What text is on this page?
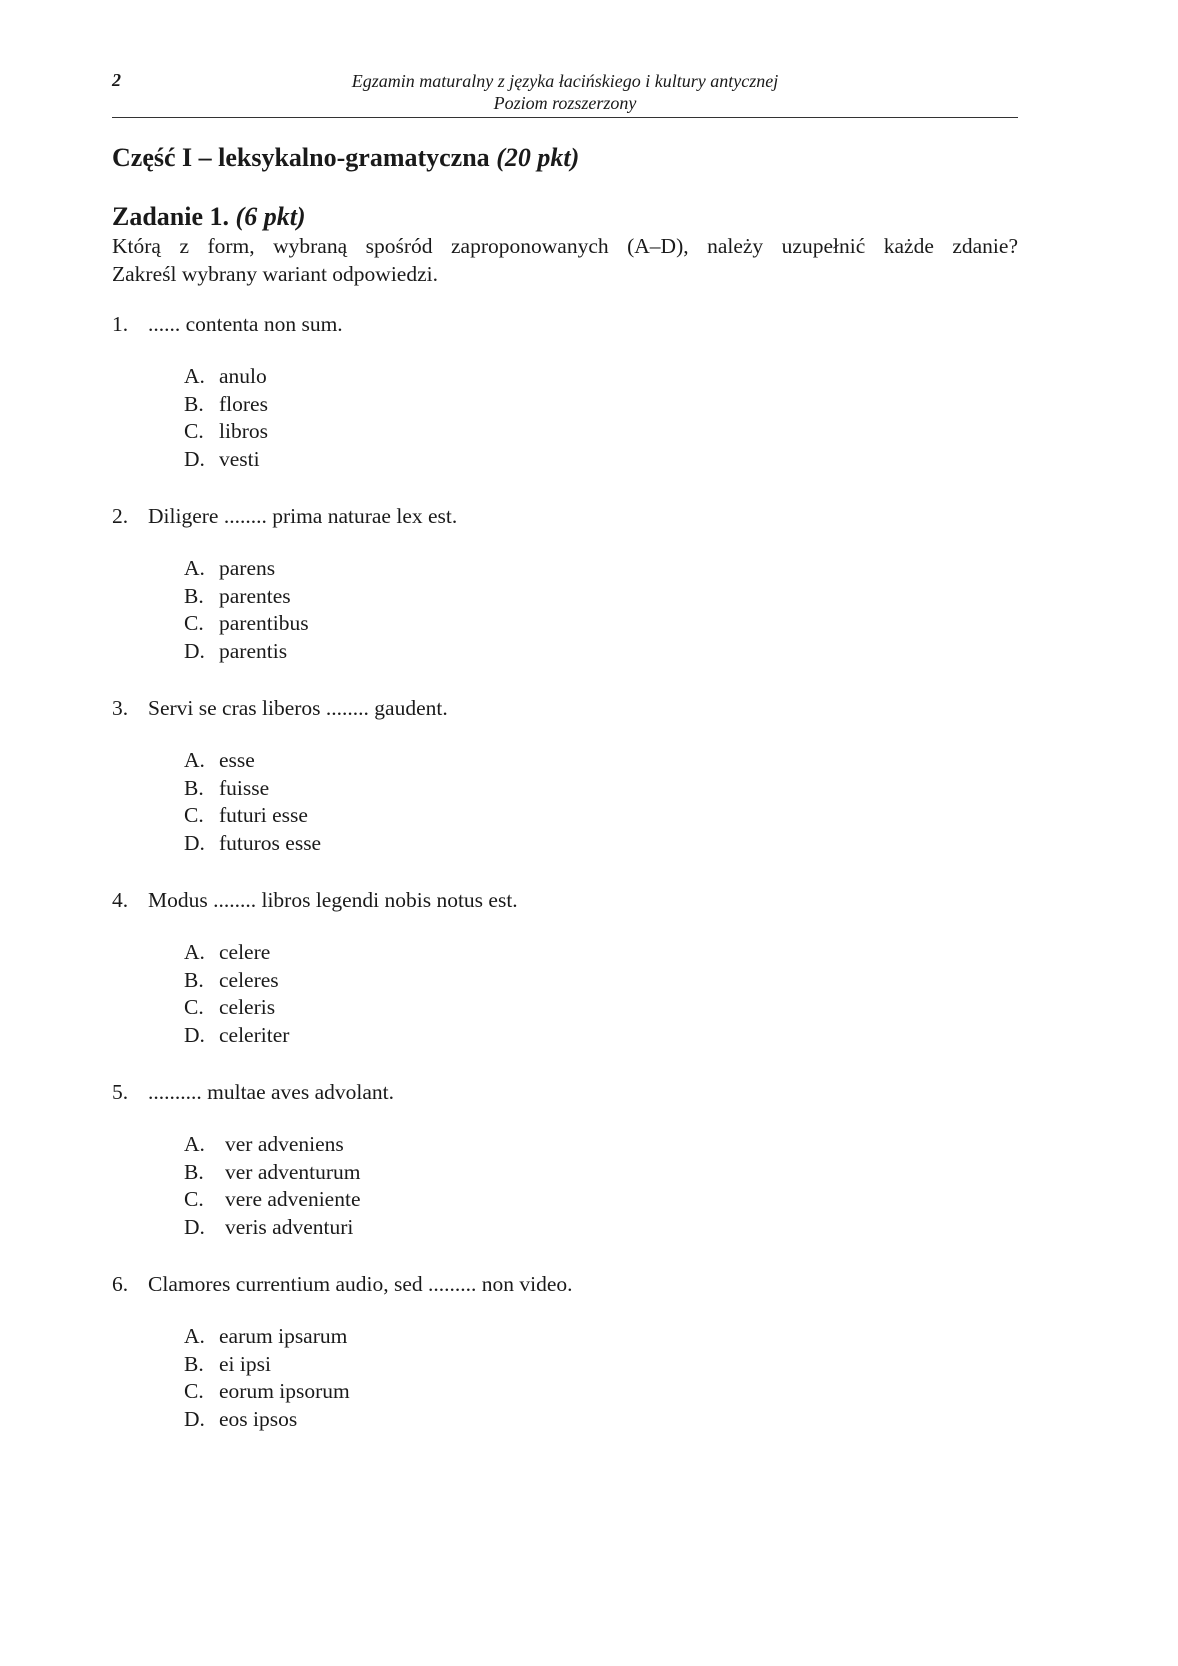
2	Egzamin maturalny z języka łacińskiego i kultury antycznej
Poziom rozszerzony
Część I – leksykalno-gramatyczna (20 pkt)
Zadanie 1. (6 pkt)
Którą z form, wybraną spośród zaproponowanych (A–D), należy uzupełnić każde zdanie?
Zakreśl wybrany wariant odpowiedzi.
1. ...... contenta non sum.
A. anulo
B. flores
C. libros
D. vesti
2. Diligere ........ prima naturae lex est.
A. parens
B. parentes
C. parentibus
D. parentis
3. Servi se cras liberos ........ gaudent.
A. esse
B. fuisse
C. futuri esse
D. futuros esse
4. Modus ........ libros legendi nobis notus est.
A. celere
B. celeres
C. celeris
D. celeriter
5. .......... multae aves advolant.
A. ver adveniens
B. ver adventurum
C. vere adveniente
D. veris adventuri
6. Clamores currentium audio, sed ......... non video.
A. earum ipsarum
B. ei ipsi
C. eorum ipsorum
D. eos ipsos
